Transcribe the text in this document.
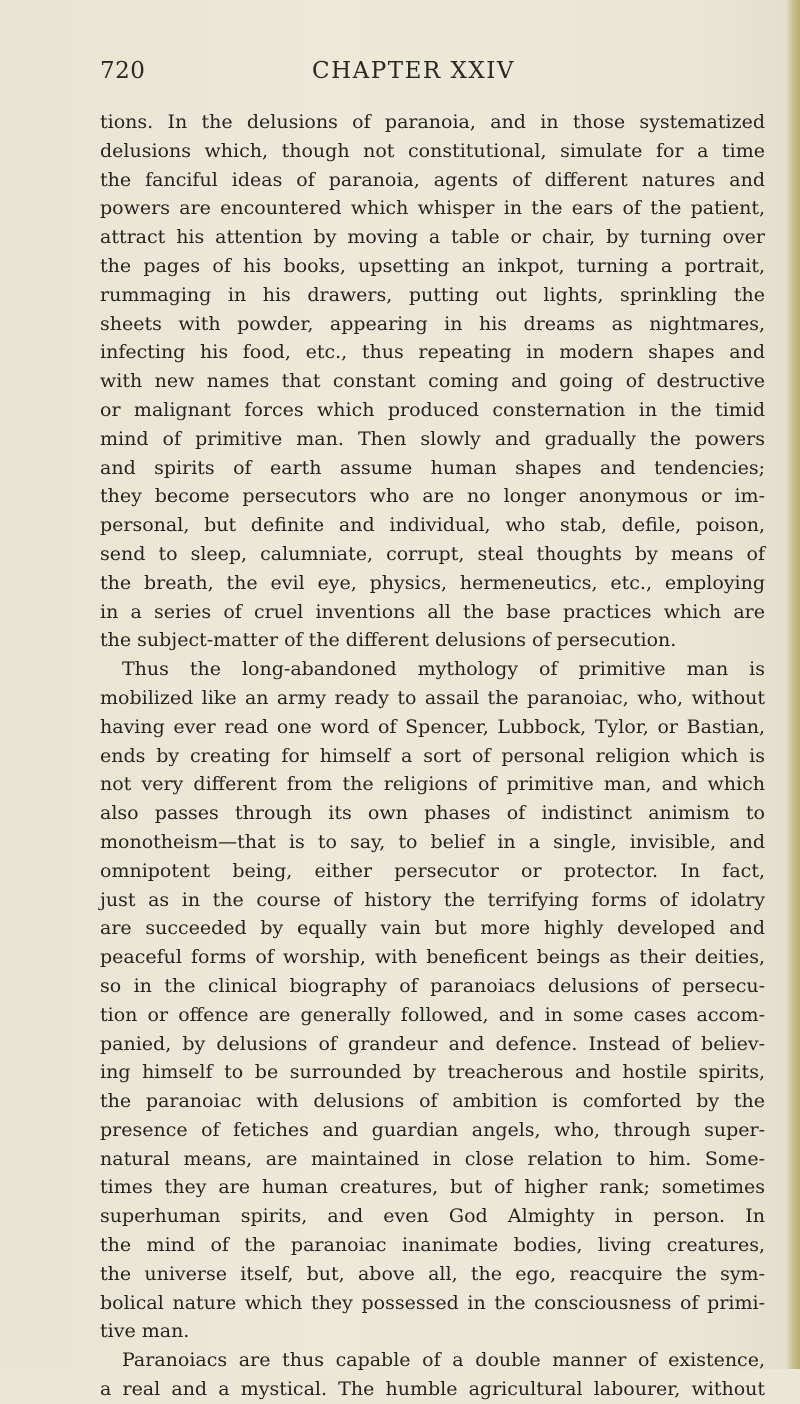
720	CHAPTER XXIV
tions. In the delusions of paranoia, and in those systematized
delusions which, though not constitutional, simulate for a time
the fanciful ideas of paranoia, agents of different natures and
powers are encountered which whisper in the ears of the patient,
attract his attention by moving a table or chair, by turning over
the pages of his books, upsetting an inkpot, turning a portrait,
rummaging in his drawers, putting out lights, sprinkling the
sheets with powder, appearing in his dreams as nightmares,
infecting his food, etc., thus repeating in modern shapes and
with new names that constant coming and going of destructive
or malignant forces which produced consternation in the timid
mind of primitive man. Then slowly and gradually the powers
and spirits of earth assume human shapes and tendencies;
they become persecutors who are no longer anonymous or im-
personal, but definite and individual, who stab, defile, poison,
send to sleep, calumniate, corrupt, steal thoughts by means of
the breath, the evil eye, physics, hermeneutics, etc., employing
in a series of cruel inventions all the base practices which are
the subject-matter of the different delusions of persecution.
Thus the long-abandoned mythology of primitive man is
mobilized like an army ready to assail the paranoiac, who, without
having ever read one word of Spencer, Lubbock, Tylor, or Bastian,
ends by creating for himself a sort of personal religion which is
not very different from the religions of primitive man, and which
also passes through its own phases of indistinct animism to
monotheism—that is to say, to belief in a single, invisible, and
omnipotent being, either persecutor or protector. In fact,
just as in the course of history the terrifying forms of idolatry
are succeeded by equally vain but more highly developed and
peaceful forms of worship, with beneficent beings as their deities,
so in the clinical biography of paranoiacs delusions of persecu-
tion or offence are generally followed, and in some cases accom-
panied, by delusions of grandeur and defence. Instead of believ-
ing himself to be surrounded by treacherous and hostile spirits,
the paranoiac with delusions of ambition is comforted by the
presence of fetiches and guardian angels, who, through super-
natural means, are maintained in close relation to him. Some-
times they are human creatures, but of higher rank; sometimes
superhuman spirits, and even God Almighty in person. In
the mind of the paranoiac inanimate bodies, living creatures,
the universe itself, but, above all, the ego, reacquire the sym-
bolical nature which they possessed in the consciousness of primi-
tive man.
Paranoiacs are thus capable of a double manner of existence,
a real and a mystical. The humble agricultural labourer, without
